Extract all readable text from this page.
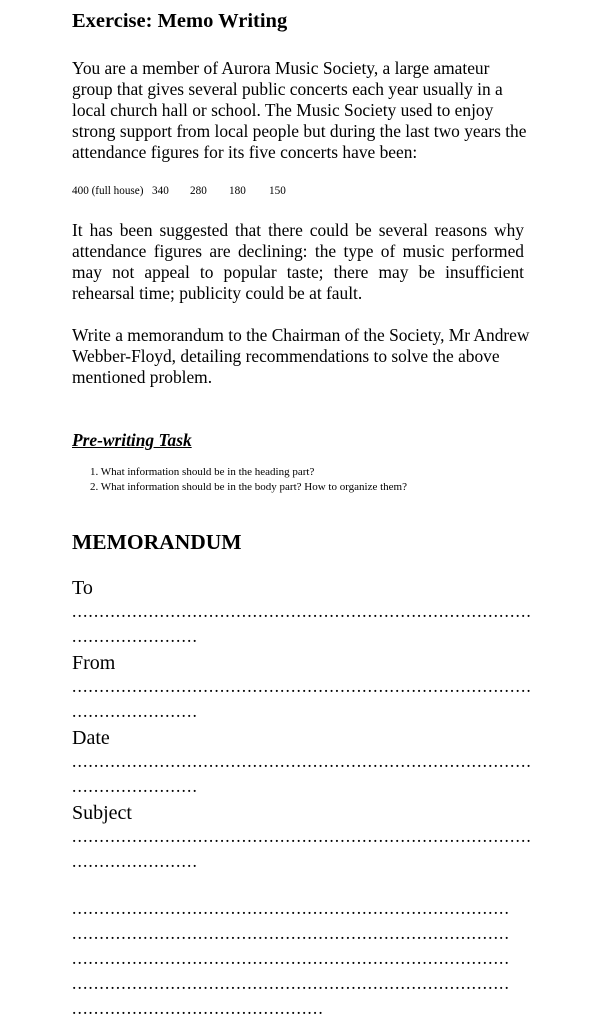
Exercise: Memo Writing

You are a member of Aurora Music Society, a large amateur group that gives several public concerts each year usually in a local church hall or school. The Music Society used to enjoy strong support from local people but during the last two years the attendance figures for its five concerts have been:

400 (full house) 340 280 180 150

It has been suggested that there could be several reasons why attendance figures are declining: the type of music performed may not appeal to popular taste; there may be insufficient rehearsal time; publicity could be at fault.

Write a memorandum to the Chairman of the Society, Mr Andrew Webber-Floyd, detailing recommendations to solve the above mentioned problem.

Pre-writing Task
1. What information should be in the heading part?
2. What information should be in the body part? How to organize them?
MEMORANDUM
To
.....
.....
From
.....
.....
Date
.....
.....
Subject
.....
.....
.....
.....
.....
.....
.....
